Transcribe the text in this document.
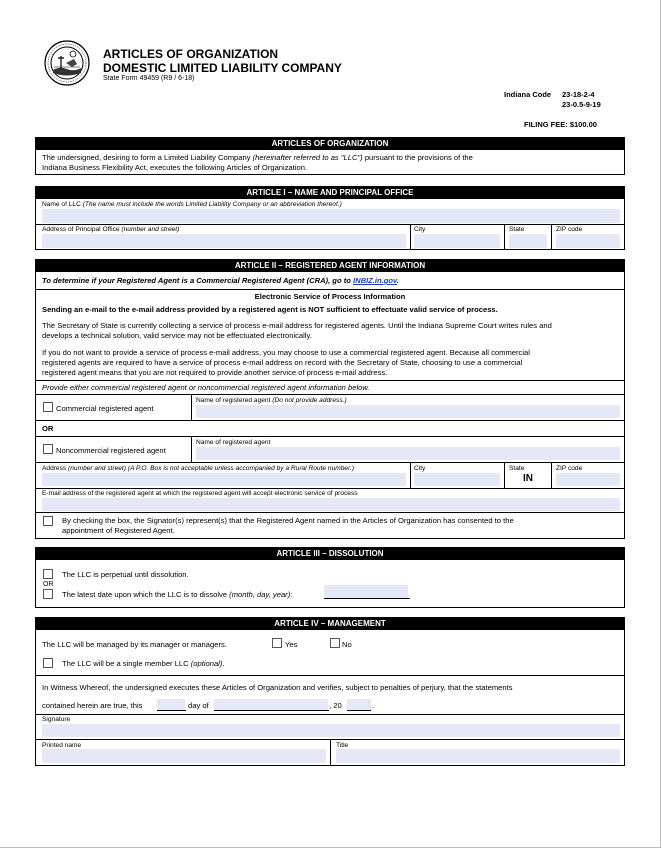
ARTICLES OF ORGANIZATION
DOMESTIC LIMITED LIABILITY COMPANY
State Form 49459 (R9 / 6-18)
Indiana Code 23-18-2-4
23-0.5-9-19
FILING FEE: $100.00
ARTICLES OF ORGANIZATION
The undersigned, desiring to form a Limited Liability Company (hereinafter referred to as "LLC") pursuant to the provisions of the
Indiana Business Flexibility Act, executes the following Articles of Organization.
ARTICLE I – NAME AND PRINCIPAL OFFICE
Name of LLC (The name must include the words Limited Liability Company or an abbreviation thereof.)
Address of Principal Office (number and street)	City	State	ZIP code
ARTICLE II – REGISTERED AGENT INFORMATION
To determine if your Registered Agent is a Commercial Registered Agent (CRA), go to INBIZ.in.gov.
Electronic Service of Process Information
Sending an e-mail to the e-mail address provided by a registered agent is NOT sufficient to effectuate valid service of process.
The Secretary of State is currently collecting a service of process e-mail address for registered agents. Until the Indiana Supreme Court writes rules and
develops a technical solution, valid service may not be effectuated electronically.
If you do not want to provide a service of process e-mail address, you may choose to use a commercial registered agent. Because all commercial
registered agents are required to have a service of process e-mail address on record with the Secretary of State, choosing to use a commercial
registered agent means that you are not required to provide another service of process e-mail address.
Provide either commercial registered agent or noncommercial registered agent information below.
Commercial registered agent
Name of registered agent (Do not provide address.)
OR
Noncommercial registered agent
Name of registered agent
Address (number and street) (A P.O. Box is not acceptable unless accompanied by a Rural Route number.)	City	State	ZIP code
IN
E-mail address of the registered agent at which the registered agent will accept electronic service of process
By checking the box, the Signator(s) represent(s) that the Registered Agent named in the Articles of Organization has consented to the
appointment of Registered Agent.
ARTICLE III – DISSOLUTION
The LLC is perpetual until dissolution.
OR
The latest date upon which the LLC is to dissolve (month, day, year):
ARTICLE IV – MANAGEMENT
The LLC will be managed by its manager or managers.	Yes	No
The LLC will be a single member LLC (optional).
In Witness Whereof, the undersigned executes these Articles of Organization and verifies, subject to penalties of perjury, that the statements
contained herein are true, this	day of	, 20	.
Signature
Printed name	Title
